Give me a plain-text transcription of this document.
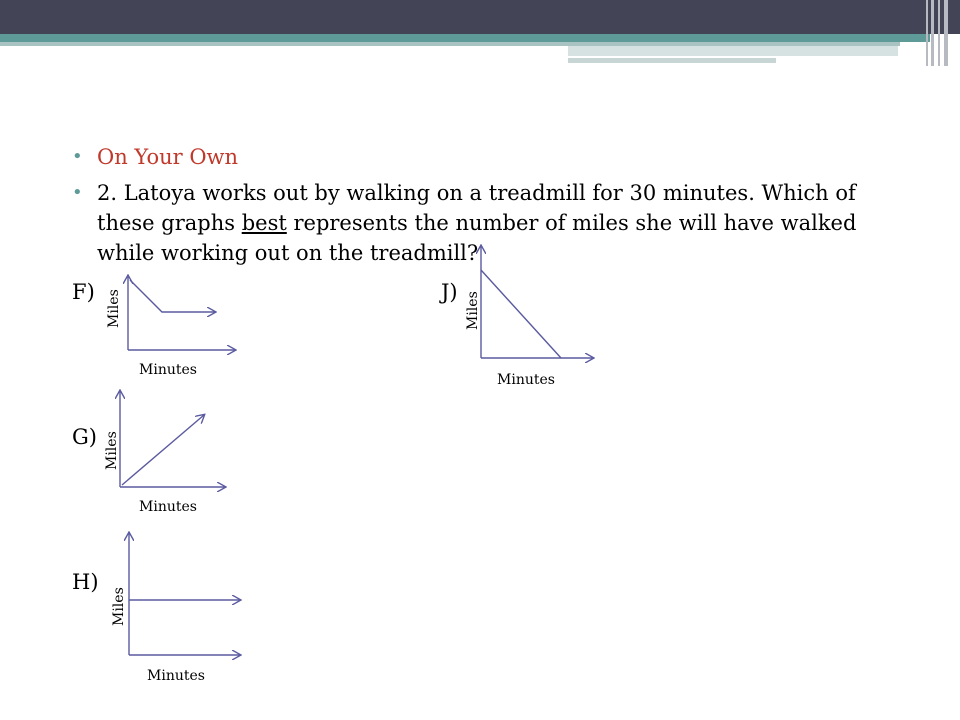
• On Your Own
• 2. Latoya works out by walking on a treadmill for 30 minutes. Which of these graphs best represents the number of miles she will have walked while working out on the treadmill?
F)	J)
G)
H)
Miles
Minutes
Miles
Minutes
Miles
Minutes
Miles
Minutes
